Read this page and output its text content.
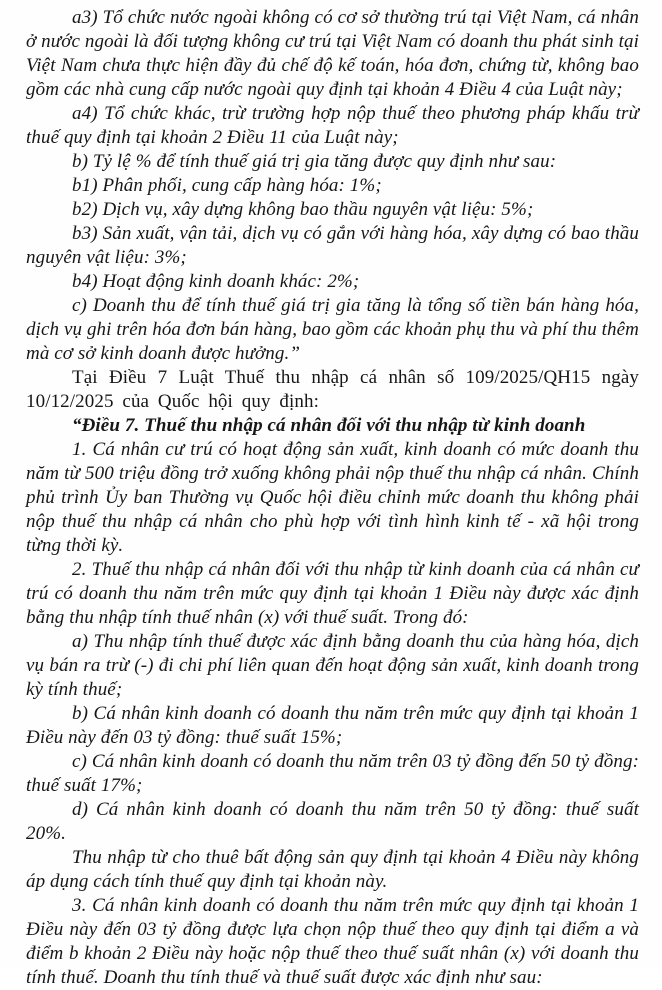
a3) Tổ chức nước ngoài không có cơ sở thường trú tại Việt Nam, cá nhân ở nước ngoài là đối tượng không cư trú tại Việt Nam có doanh thu phát sinh tại Việt Nam chưa thực hiện đầy đủ chế độ kế toán, hóa đơn, chứng từ, không bao gồm các nhà cung cấp nước ngoài quy định tại khoản 4 Điều 4 của Luật này;

a4) Tổ chức khác, trừ trường hợp nộp thuế theo phương pháp khấu trừ thuế quy định tại khoản 2 Điều 11 của Luật này;

b) Tỷ lệ % để tính thuế giá trị gia tăng được quy định như sau:

b1) Phân phối, cung cấp hàng hóa: 1%;

b2) Dịch vụ, xây dựng không bao thầu nguyên vật liệu: 5%;

b3) Sản xuất, vận tải, dịch vụ có gắn với hàng hóa, xây dựng có bao thầu nguyên vật liệu: 3%;

b4) Hoạt động kinh doanh khác: 2%;

c) Doanh thu để tính thuế giá trị gia tăng là tổng số tiền bán hàng hóa, dịch vụ ghi trên hóa đơn bán hàng, bao gồm các khoản phụ thu và phí thu thêm mà cơ sở kinh doanh được hưởng.”

Tại Điều 7 Luật Thuế thu nhập cá nhân số 109/2025/QH15 ngày 10/12/2025 của Quốc hội quy định:

“Điều 7. Thuế thu nhập cá nhân đối với thu nhập từ kinh doanh

1. Cá nhân cư trú có hoạt động sản xuất, kinh doanh có mức doanh thu năm từ 500 triệu đồng trở xuống không phải nộp thuế thu nhập cá nhân. Chính phủ trình Ủy ban Thường vụ Quốc hội điều chỉnh mức doanh thu không phải nộp thuế thu nhập cá nhân cho phù hợp với tình hình kinh tế - xã hội trong từng thời kỳ.

2. Thuế thu nhập cá nhân đối với thu nhập từ kinh doanh của cá nhân cư trú có doanh thu năm trên mức quy định tại khoản 1 Điều này được xác định bằng thu nhập tính thuế nhân (x) với thuế suất. Trong đó:

a) Thu nhập tính thuế được xác định bằng doanh thu của hàng hóa, dịch vụ bán ra trừ (-) đi chi phí liên quan đến hoạt động sản xuất, kinh doanh trong kỳ tính thuế;

b) Cá nhân kinh doanh có doanh thu năm trên mức quy định tại khoản 1 Điều này đến 03 tỷ đồng: thuế suất 15%;

c) Cá nhân kinh doanh có doanh thu năm trên 03 tỷ đồng đến 50 tỷ đồng: thuế suất 17%;

d) Cá nhân kinh doanh có doanh thu năm trên 50 tỷ đồng: thuế suất 20%.

Thu nhập từ cho thuê bất động sản quy định tại khoản 4 Điều này không áp dụng cách tính thuế quy định tại khoản này.

3. Cá nhân kinh doanh có doanh thu năm trên mức quy định tại khoản 1 Điều này đến 03 tỷ đồng được lựa chọn nộp thuế theo quy định tại điểm a và điểm b khoản 2 Điều này hoặc nộp thuế theo thuế suất nhân (x) với doanh thu tính thuế. Doanh thu tính thuế và thuế suất được xác định như sau:
